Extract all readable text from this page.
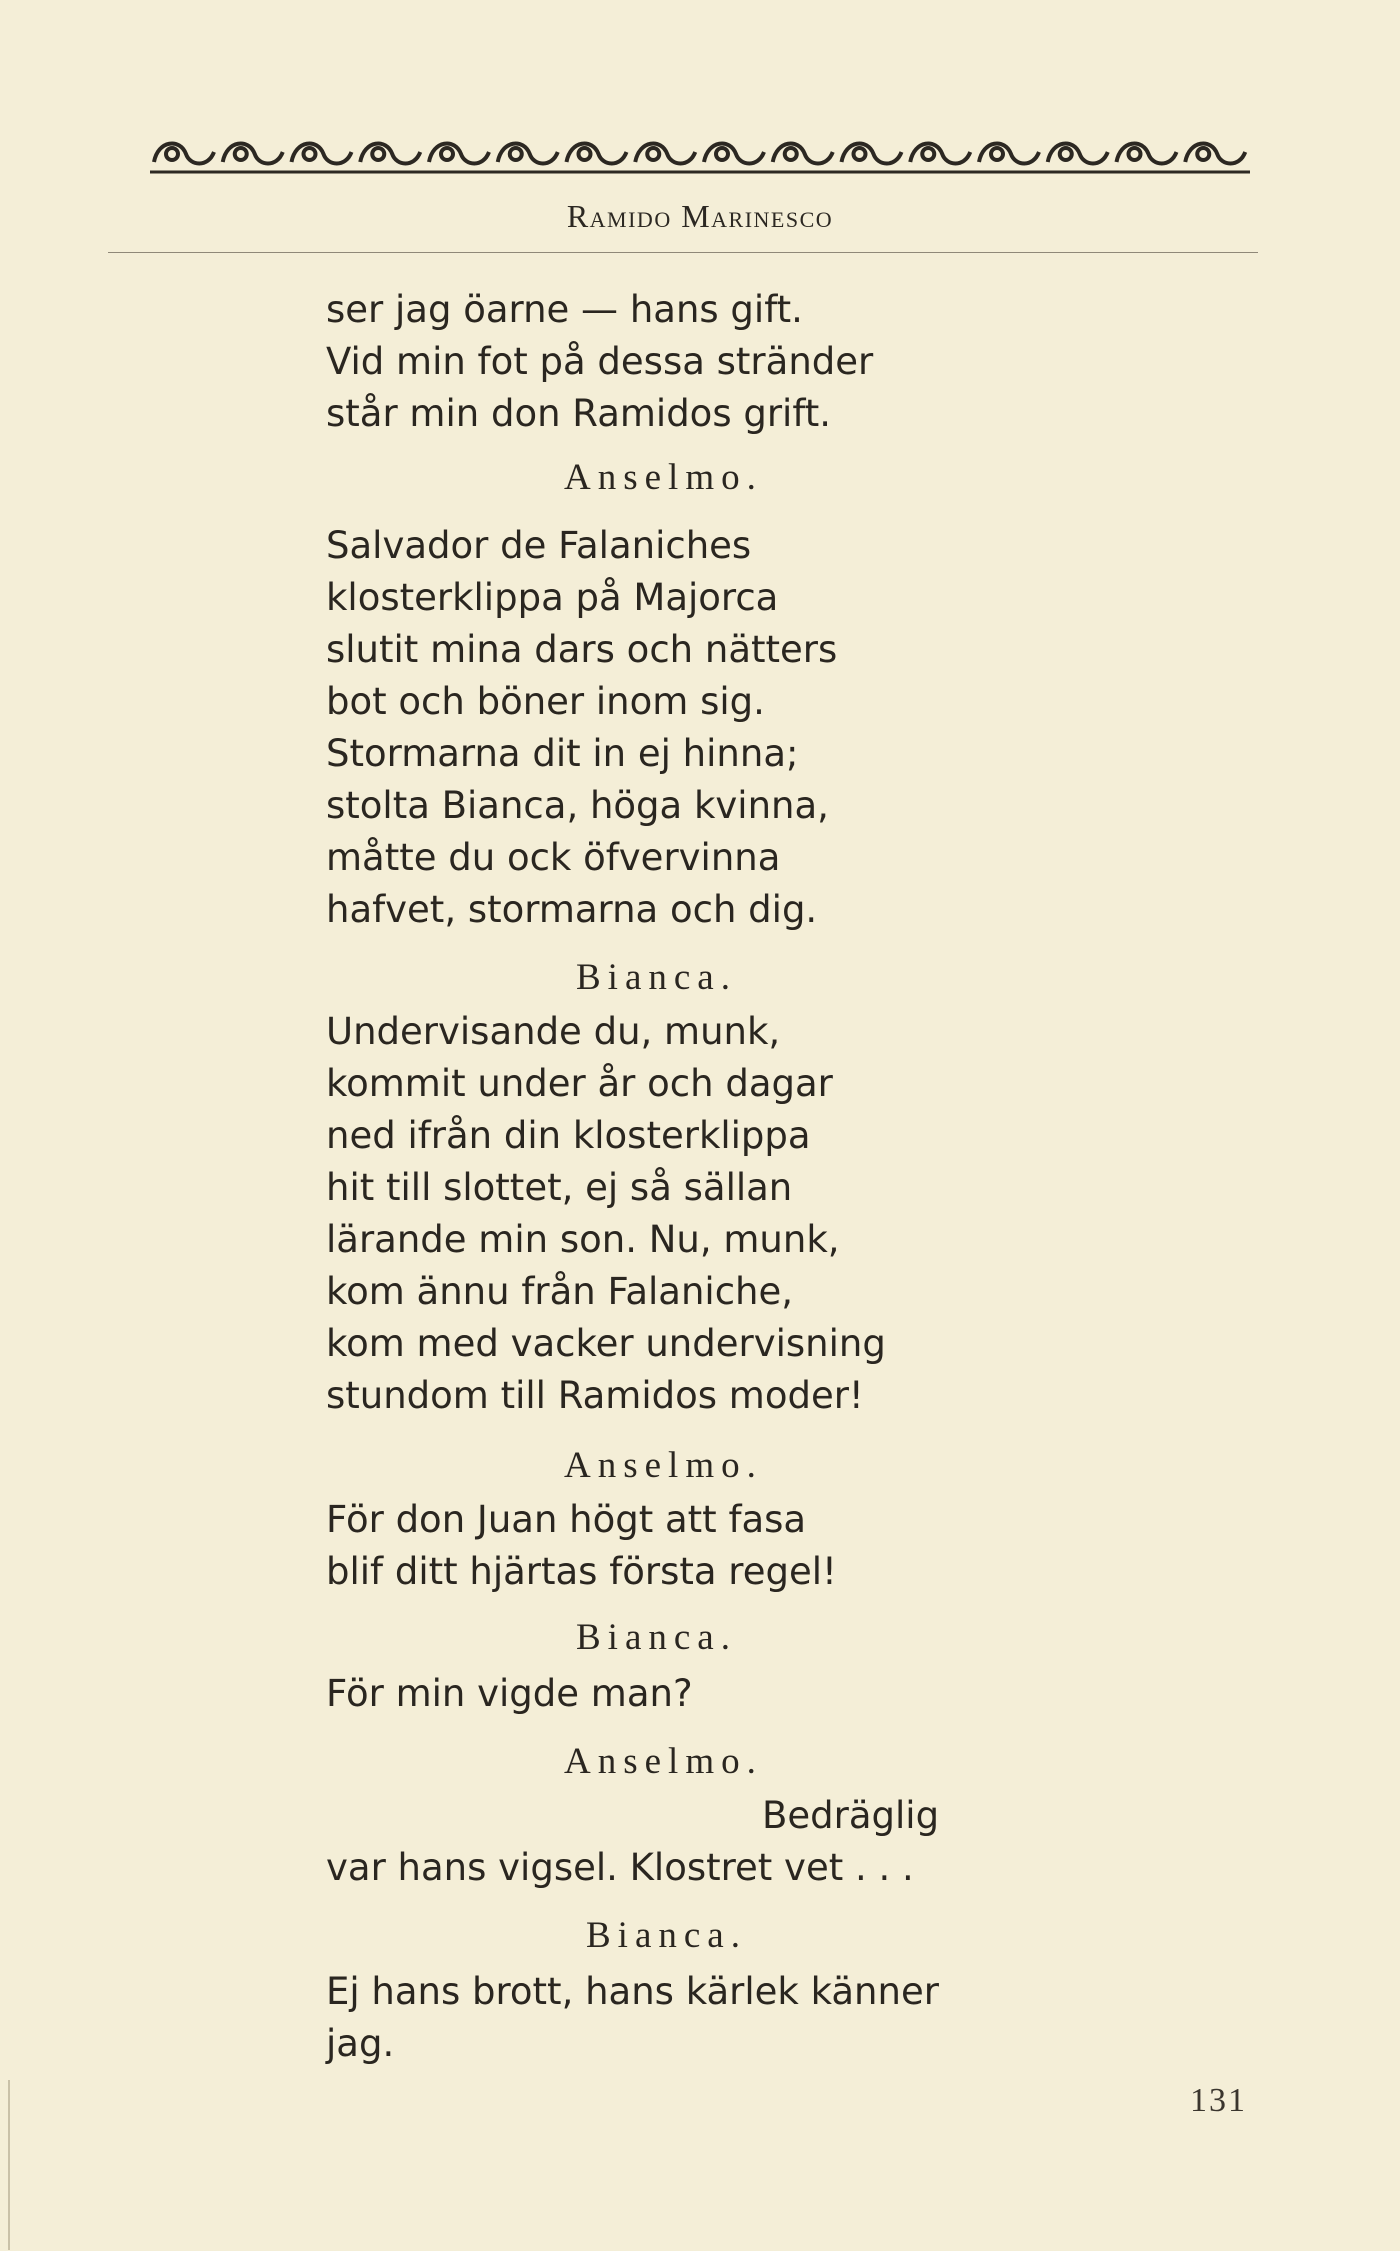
Ramido Marinesco
ser jag öarne — hans gift.
Vid min fot på dessa stränder
står min don Ramidos grift.
Anselmo.
Salvador de Falaniches
klosterklippa på Majorca
slutit mina dars och nätters
bot och böner inom sig.
Stormarna dit in ej hinna;
stolta Bianca, höga kvinna,
måtte du ock öfvervinna
hafvet, stormarna och dig.
Bianca.
Undervisande du, munk,
kommit under år och dagar
ned ifrån din klosterklippa
hit till slottet, ej så sällan
lärande min son. Nu, munk,
kom ännu från Falaniche,
kom med vacker undervisning
stundom till Ramidos moder!
Anselmo.
För don Juan högt att fasa
blif ditt hjärtas första regel!
Bianca.
För min vigde man?
Anselmo.
Bedräglig
var hans vigsel. Klostret vet . . .
Bianca.
Ej hans brott, hans kärlek känner
jag.
131
